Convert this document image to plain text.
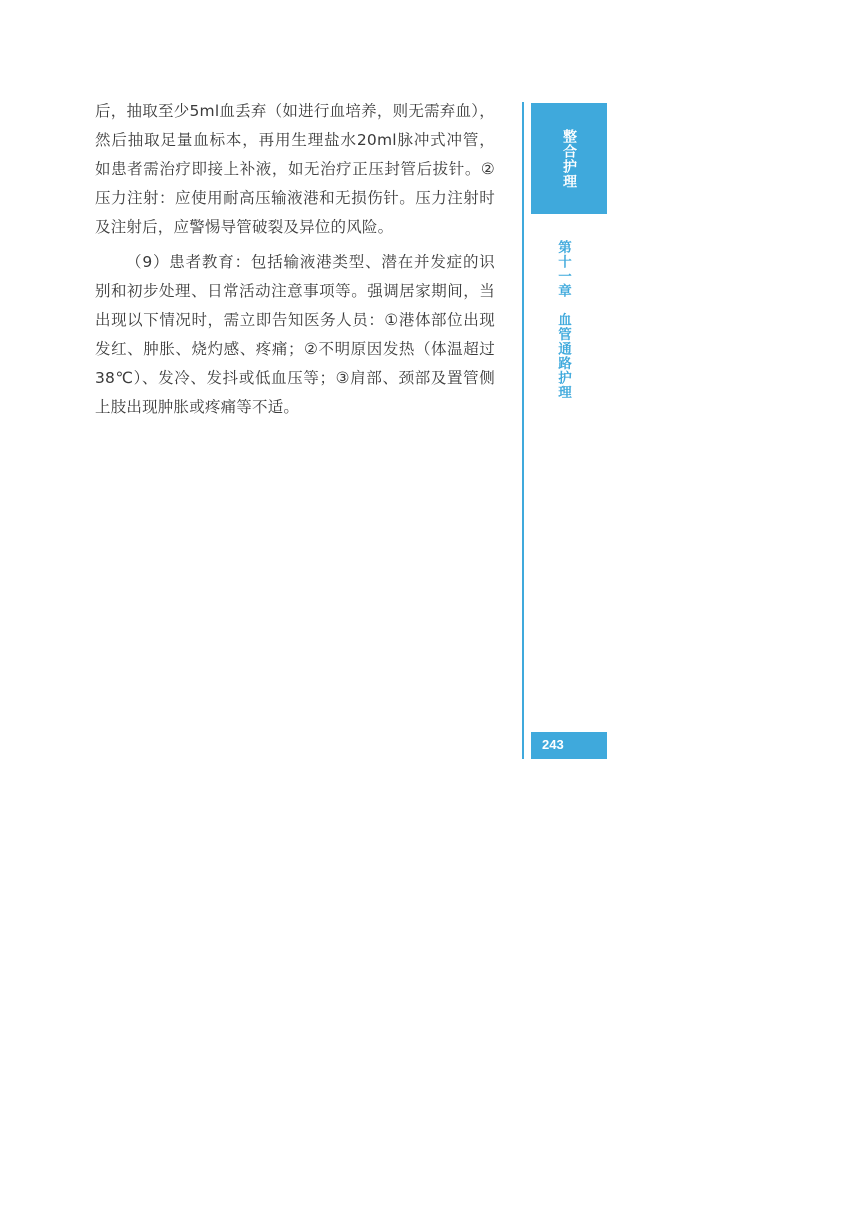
后，抽取至少5ml血丢弃（如进行血培养，则无需弃血），然后抽取足量血标本，再用生理盐水20ml脉冲式冲管，如患者需治疗即接上补液，如无治疗正压封管后拔针。②压力注射：应使用耐高压输液港和无损伤针。压力注射时及注射后，应警惕导管破裂及异位的风险。

（9）患者教育：包括输液港类型、潜在并发症的识别和初步处理、日常活动注意事项等。强调居家期间，当出现以下情况时，需立即告知医务人员：①港体部位出现发红、肿胀、烧灼感、疼痛；②不明原因发热（体温超过38℃）、发冷、发抖或低血压等；③肩部、颈部及置管侧上肢出现肿胀或疼痛等不适。

整合护理
第十一章　血管通路护理
243
